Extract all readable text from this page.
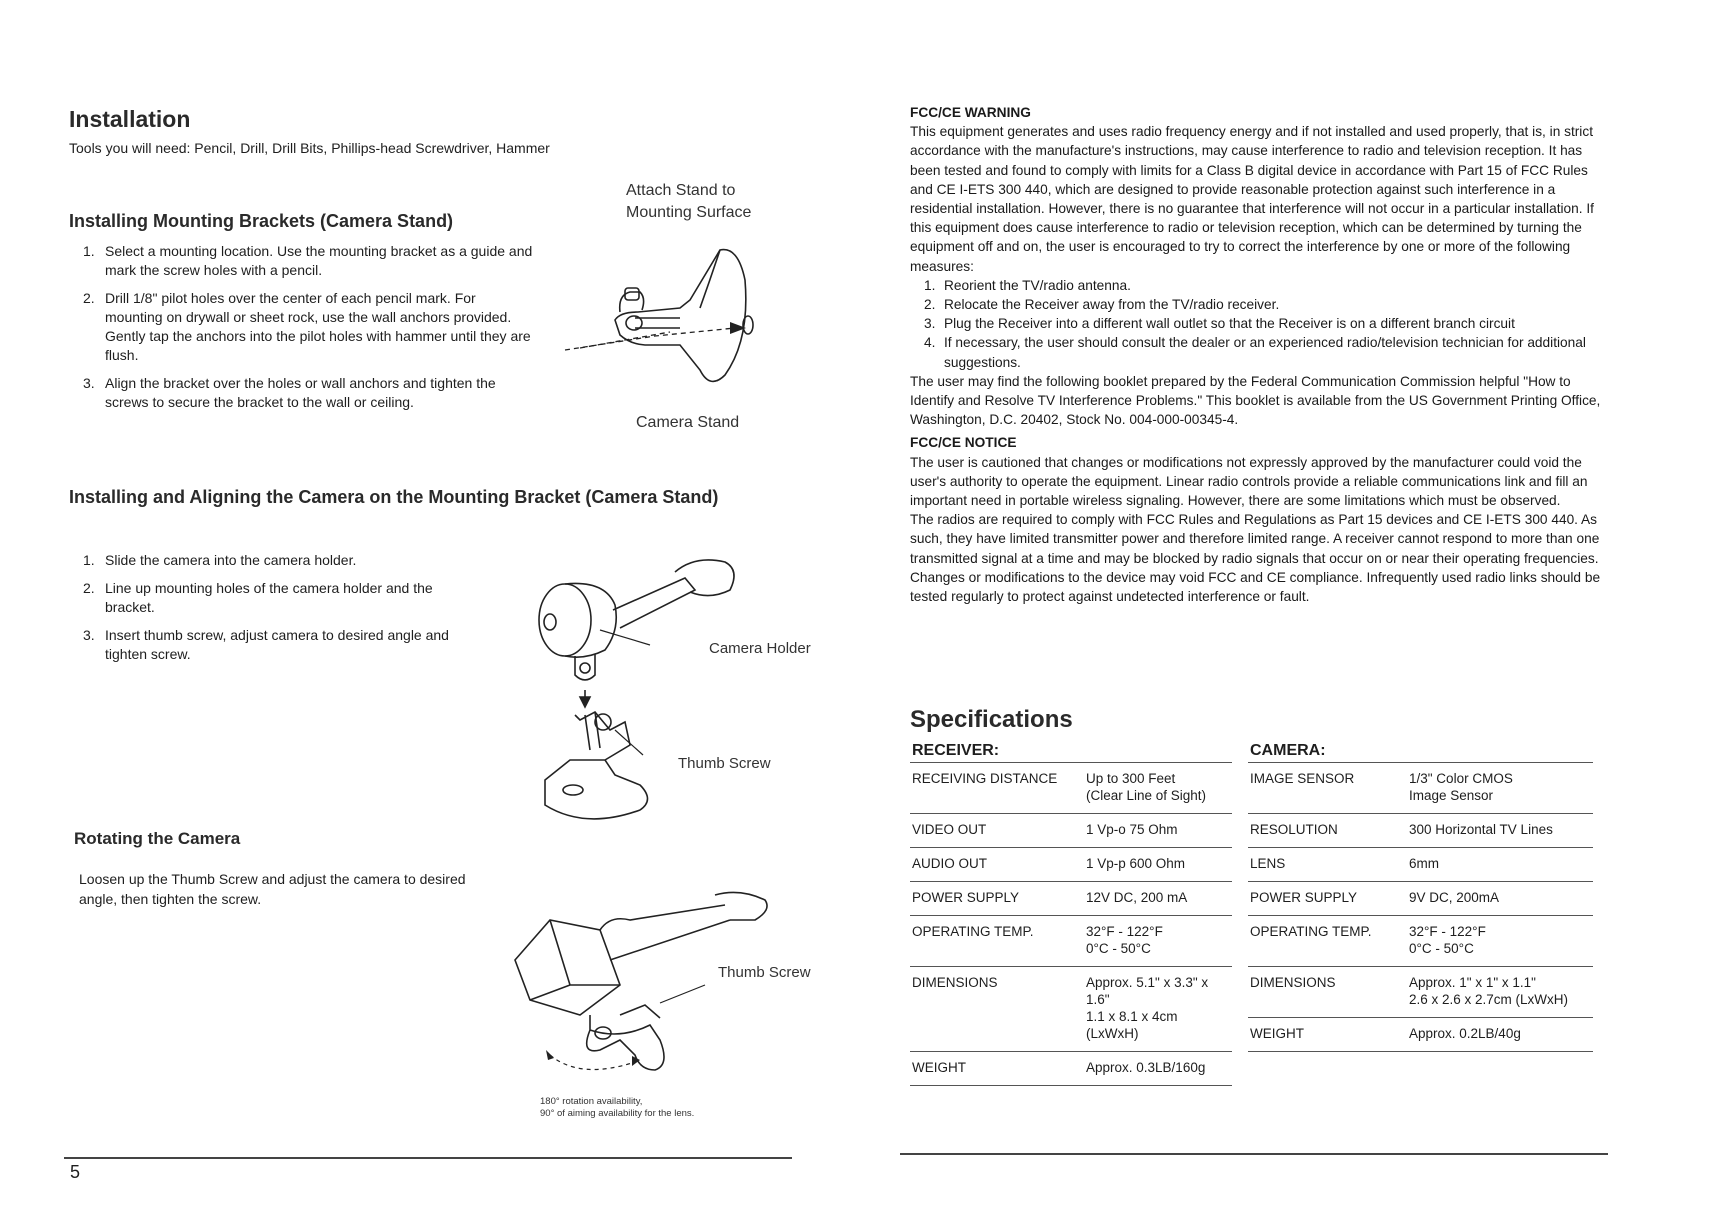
Installation
Tools you will need: Pencil, Drill, Drill Bits, Phillips-head Screwdriver, Hammer
Installing Mounting Brackets (Camera Stand)
1. Select a mounting location. Use the mounting bracket as a guide and mark the screw holes with a pencil.
2. Drill 1/8" pilot holes over the center of each pencil mark. For mounting on drywall or sheet rock, use the wall anchors provided. Gently tap the anchors into the pilot holes with hammer until they are flush.
3. Align the bracket over the holes or wall anchors and tighten the screws to secure the bracket to the wall or ceiling.
Attach Stand to
Mounting Surface
Camera Stand
Installing and Aligning the Camera on the Mounting Bracket (Camera Stand)
1. Slide the camera into the camera holder.
2. Line up mounting holes of the camera holder and the bracket.
3. Insert thumb screw, adjust camera to desired angle and tighten screw.	Camera Holder
Thumb Screw
Rotating the Camera
Loosen up the Thumb Screw and adjust the camera to desired angle, then tighten the screw.
Thumb Screw
180° rotation availability,
90° of aiming availability for the lens.
5

FCC/CE WARNING

This equipment generates and uses radio frequency energy and if not installed and used properly, that is, in strict accordance with the manufacture's instructions, may cause interference to radio and television reception. It has been tested and found to comply with limits for a Class B digital device in accordance with Part 15 of FCC Rules and CE I-ETS 300 440, which are designed to provide reasonable protection against such interference in a residential installation. However, there is no guarantee that interference will not occur in a particular installation. If this equipment does cause interference to radio or television reception, which can be determined by turning the equipment off and on, the user is encouraged to try to correct the interference by one or more of the following measures:

1. Reorient the TV/radio antenna.
2. Relocate the Receiver away from the TV/radio receiver.
3. Plug the Receiver into a different wall outlet so that the Receiver is on a different branch circuit
4. If necessary, the user should consult the dealer or an experienced radio/television technician for additional suggestions.

The user may find the following booklet prepared by the Federal Communication Commission helpful "How to Identify and Resolve TV Interference Problems." This booklet is available from the US Government Printing Office, Washington, D.C. 20402, Stock No. 004-000-00345-4.

FCC/CE NOTICE

The user is cautioned that changes or modifications not expressly approved by the manufacturer could void the user's authority to operate the equipment. Linear radio controls provide a reliable communications link and fill an important need in portable wireless signaling. However, there are some limitations which must be observed.

The radios are required to comply with FCC Rules and Regulations as Part 15 devices and CE I-ETS 300 440. As such, they have limited transmitter power and therefore limited range. A receiver cannot respond to more than one transmitted signal at a time and may be blocked by radio signals that occur on or near their operating frequencies. Changes or modifications to the device may void FCC and CE compliance. Infrequently used radio links should be tested regularly to protect against undetected interference or fault.

Specifications
RECEIVER:	
RECEIVING DISTANCE	Up to 300 Feet
(Clear Line of Sight)

VIDEO OUT	1 Vp-o 75 Ohm

AUDIO OUT	1 Vp-p 600 Ohm

POWER SUPPLY	12V DC, 200 mA

OPERATING TEMP.	32°F - 122°F
0°C - 50°C

DIMENSIONS	Approx. 5.1" x 3.3" x 1.6"
1.1 x 8.1 x 4cm (LxWxH)

WEIGHT	Approx. 0.3LB/160g
CAMERA:	
IMAGE SENSOR	1/3" Color CMOS
Image Sensor

RESOLUTION	300 Horizontal TV Lines

LENS	6mm

POWER SUPPLY	9V DC, 200mA

OPERATING TEMP.	32°F - 122°F
0°C - 50°C

DIMENSIONS	Approx. 1" x 1" x 1.1"
2.6 x 2.6 x 2.7cm (LxWxH)

WEIGHT	Approx. 0.2LB/40g
